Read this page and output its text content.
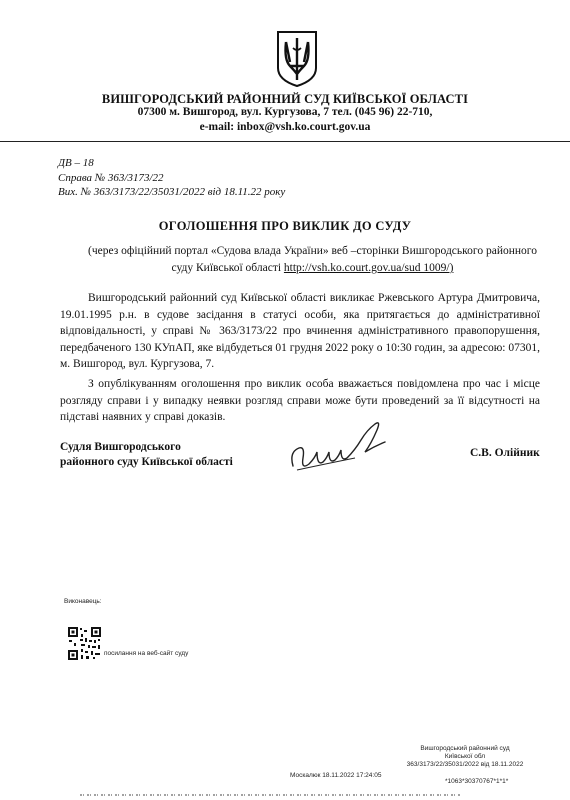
ВИШГОРОДСЬКИЙ РАЙОННИЙ СУД КИЇВСЬКОЇ ОБЛАСТІ
07300 м. Вишгород, вул. Кургузова, 7 тел. (045 96) 22-710,
e-mail: inbox@vsh.ko.court.gov.ua
ДВ – 18
Справа № 363/3173/22
Вих. № 363/3173/22/35031/2022 від 18.11.22 року
ОГОЛОШЕННЯ ПРО ВИКЛИК ДО СУДУ
(через офіційний портал «Судова влада України» веб –сторінки Вишгородського районного
суду Київської області http://vsh.ko.court.gov.ua/sud 1009/)
Вишгородський районний суд Київської області викликає Ржевського Артура Дмитровича, 19.01.1995 р.н. в судове засідання в статусі особи, яка притягається до адміністративної відповідальності, у справі № 363/3173/22 про вчинення адміністративного правопорушення, передбаченого 130 КУпАП, яке відбудеться 01 грудня 2022 року о 10:30 годин, за адресою: 07301, м. Вишгород, вул. Кургузова, 7.
З опублікуванням оголошення про виклик особа вважається повідомлена про час і місце розгляду справи і у випадку неявки розгляд справи може бути проведений за її відсутності на підставі наявних у справі доказів.
Судля Вишгородського
районного суду Київської області
С.В. Олійник
Виконавець:
посилання на веб-сайт суду
Вишгородський районний суд
Київської обл
363/3173/22/35031/2022 від 18.11.2022
Москалюк 18.11.2022 17:24:05
*1063*30370767*1*1*
